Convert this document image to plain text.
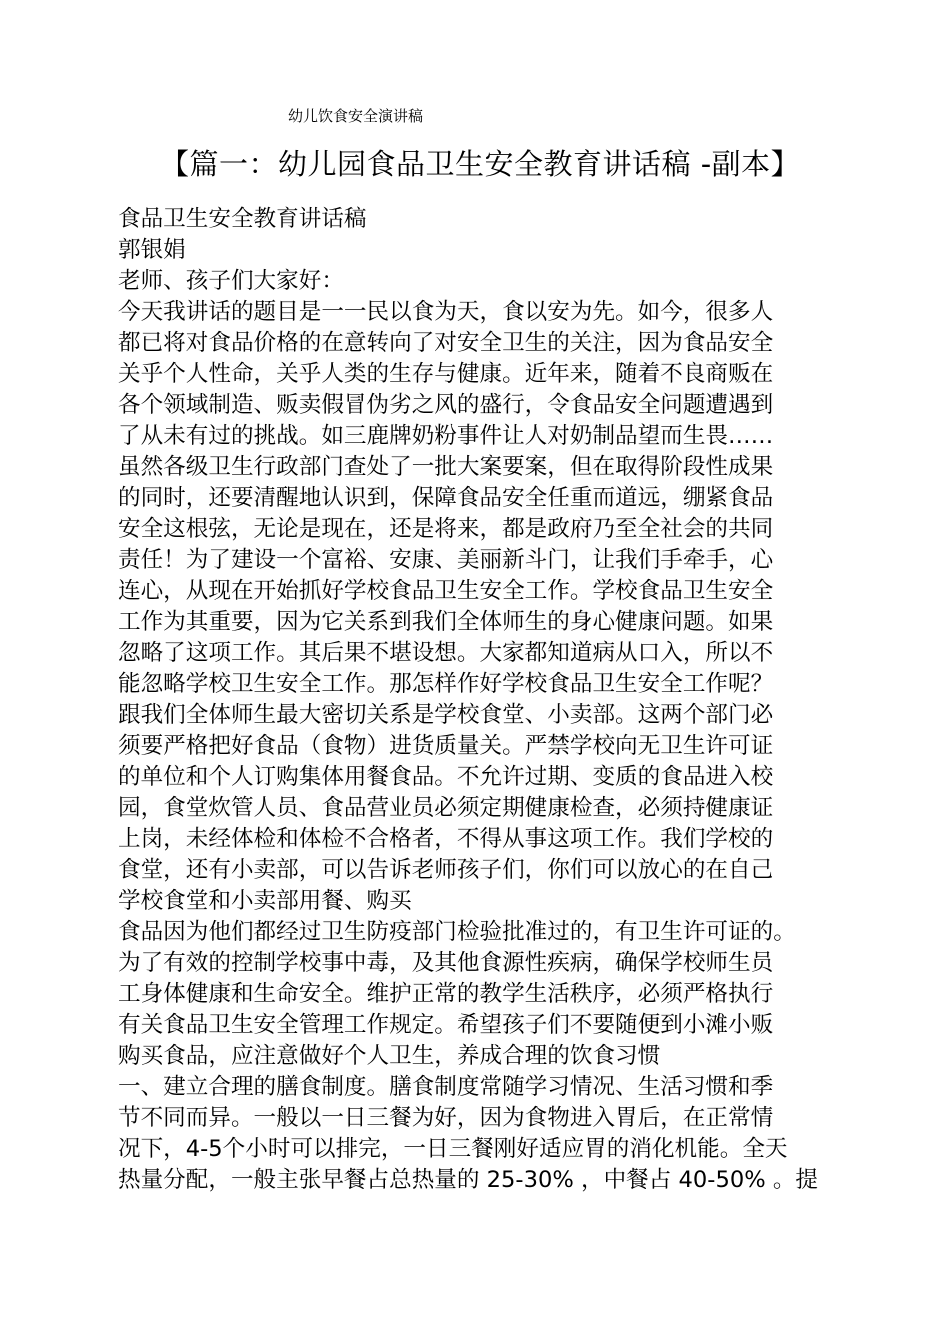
幼儿饮食安全演讲稿
【篇一：幼儿园食品卫生安全教育讲话稿 -副本】
食品卫生安全教育讲话稿
郭银娟
老师、孩子们大家好：
今天我讲话的题目是一一民以食为天，食以安为先。如今，很多人
都已将对食品价格的在意转向了对安全卫生的关注，因为食品安全
关乎个人性命，关乎人类的生存与健康。近年来，随着不良商贩在
各个领域制造、贩卖假冒伪劣之风的盛行，令食品安全问题遭遇到
了从未有过的挑战。如三鹿牌奶粉事件让人对奶制品望而生畏……
虽然各级卫生行政部门查处了一批大案要案，但在取得阶段性成果
的同时，还要清醒地认识到，保障食品安全任重而道远，绷紧食品
安全这根弦，无论是现在，还是将来，都是政府乃至全社会的共同
责任！为了建设一个富裕、安康、美丽新斗门，让我们手牵手，心
连心，从现在开始抓好学校食品卫生安全工作。学校食品卫生安全
工作为其重要，因为它关系到我们全体师生的身心健康问题。如果
忽略了这项工作。其后果不堪设想。大家都知道病从口入，所以不
能忽略学校卫生安全工作。那怎样作好学校食品卫生安全工作呢？
跟我们全体师生最大密切关系是学校食堂、小卖部。这两个部门必
须要严格把好食品（食物）进货质量关。严禁学校向无卫生许可证
的单位和个人订购集体用餐食品。不允许过期、变质的食品进入校
园，食堂炊管人员、食品营业员必须定期健康检查，必须持健康证
上岗，未经体检和体检不合格者，不得从事这项工作。我们学校的
食堂，还有小卖部，可以告诉老师孩子们，你们可以放心的在自己
学校食堂和小卖部用餐、购买
食品因为他们都经过卫生防疫部门检验批准过的，有卫生许可证的。
为了有效的控制学校事中毒，及其他食源性疾病，确保学校师生员
工身体健康和生命安全。维护正常的教学生活秩序，必须严格执行
有关食品卫生安全管理工作规定。希望孩子们不要随便到小滩小贩
购买食品，应注意做好个人卫生，养成合理的饮食习惯
一、建立合理的膳食制度。膳食制度常随学习情况、生活习惯和季
节不同而异。一般以一日三餐为好，因为食物进入胃后，在正常情
况下，4-5个小时可以排完，一日三餐刚好适应胃的消化机能。全天
热量分配，一般主张早餐占总热量的 25-30% ，中餐占 40-50% 。提
